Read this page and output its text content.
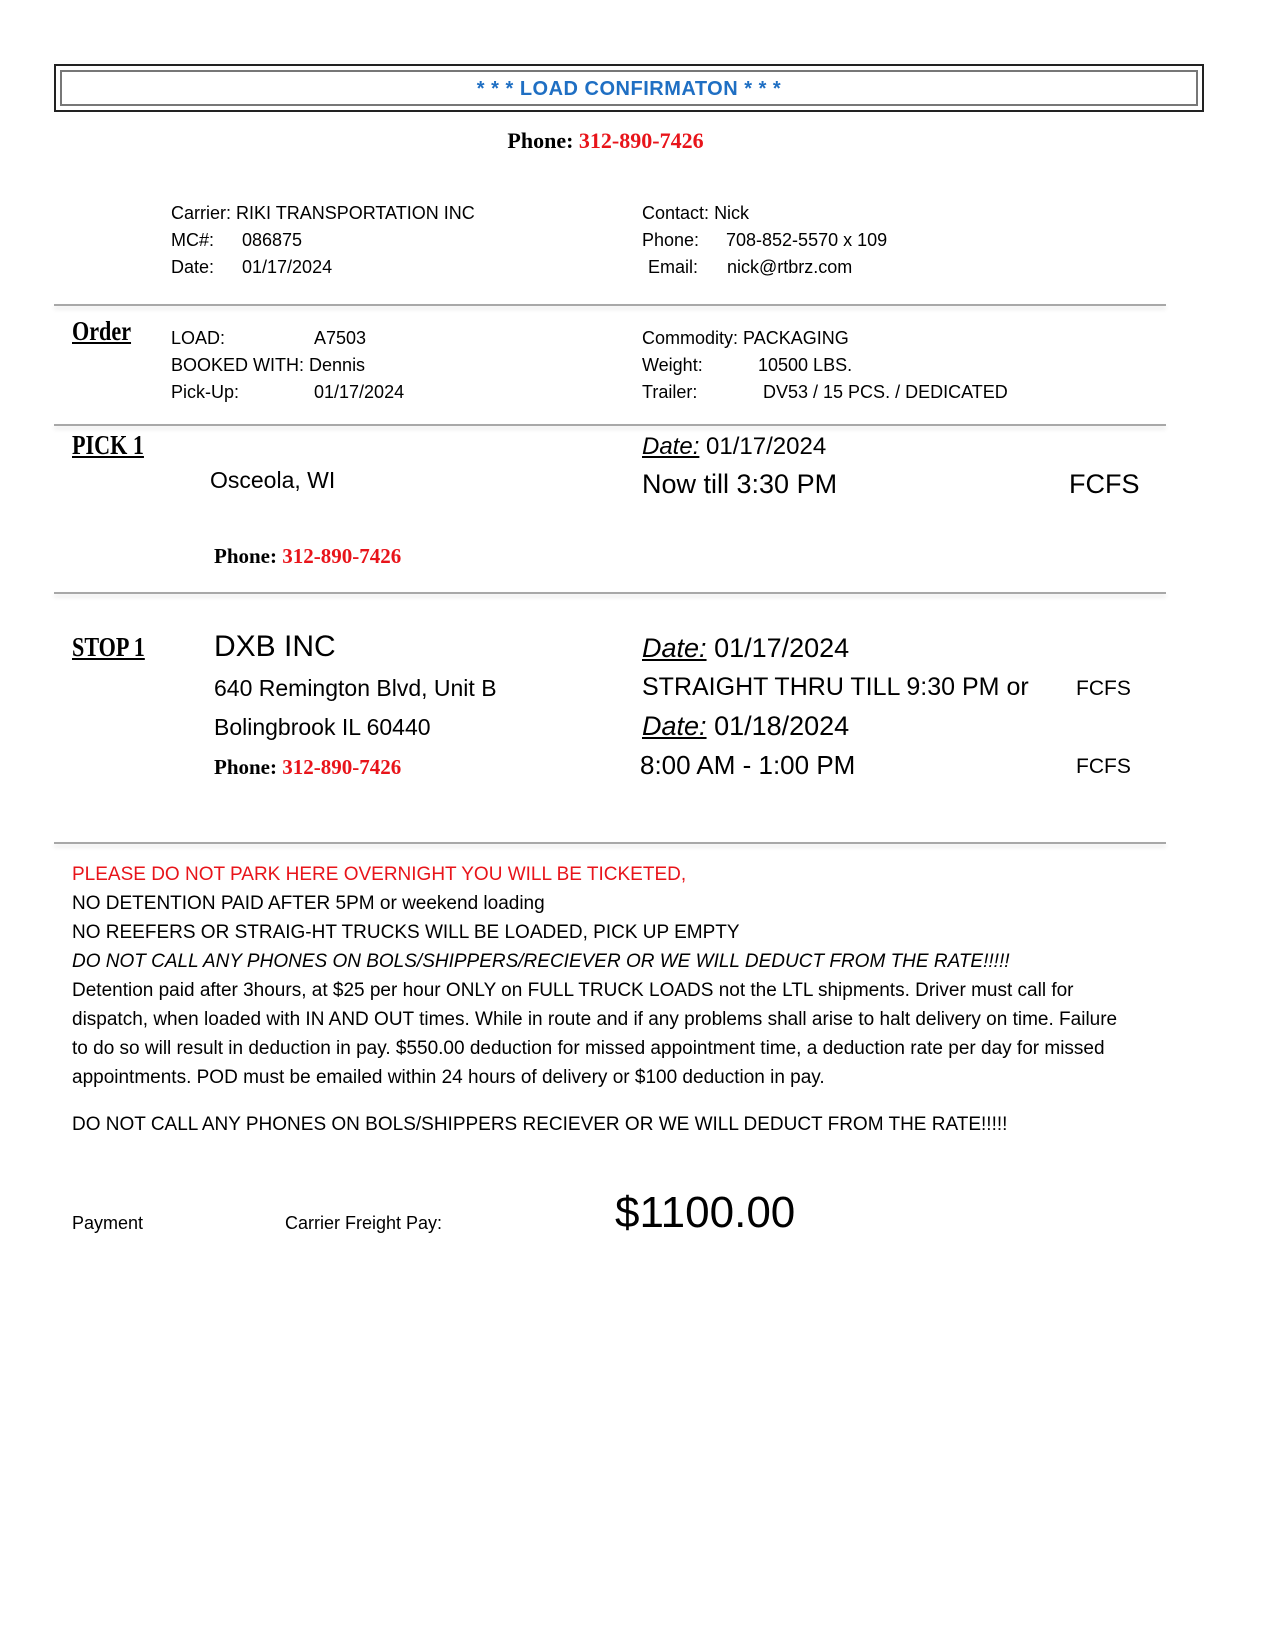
* * * LOAD CONFIRMATON * * *
Phone: 312-890-7426
Carrier: RIKI TRANSPORTATION INC
MC#: 086875
Date: 01/17/2024
Contact: Nick
Phone: 708-852-5570 x 109
Email: nick@rtbrz.com
Order LOAD:	A7503
BOOKED WITH: Dennis
Pick-Up:	01/17/2024
Commodity: PACKAGING
Weight:	10500 LBS.
Trailer:	DV53 / 15 PCS. / DEDICATED
PICK 1
Osceola, WI
Phone: 312-890-7426
Date: 01/17/2024
Now till 3:30 PM	FCFS
STOP 1 DXB INC
640 Remington Blvd, Unit B
Bolingbrook IL 60440
Phone: 312-890-7426
Date: 01/17/2024
STRAIGHT THRU TILL 9:30 PM or FCFS
Date: 01/18/2024
8:00 AM - 1:00 PM	FCFS
PLEASE DO NOT PARK HERE OVERNIGHT YOU WILL BE TICKETED,
NO DETENTION PAID AFTER 5PM or weekend loading
NO REEFERS OR STRAIG-HT TRUCKS WILL BE LOADED, PICK UP EMPTY
DO NOT CALL ANY PHONES ON BOLS/SHIPPERS/RECIEVER OR WE WILL DEDUCT FROM THE RATE!!!!!
Detention paid after 3hours, at $25 per hour ONLY on FULL TRUCK LOADS not the LTL shipments. Driver must call for dispatch, when loaded with IN AND OUT times. While in route and if any problems shall arise to halt delivery on time. Failure to do so will result in deduction in pay. $550.00 deduction for missed appointment time, a deduction rate per day for missed appointments. POD must be emailed within 24 hours of delivery or $100 deduction in pay.
DO NOT CALL ANY PHONES ON BOLS/SHIPPERS RECIEVER OR WE WILL DEDUCT FROM THE RATE!!!!!
Payment	Carrier Freight Pay:	$1100.00
